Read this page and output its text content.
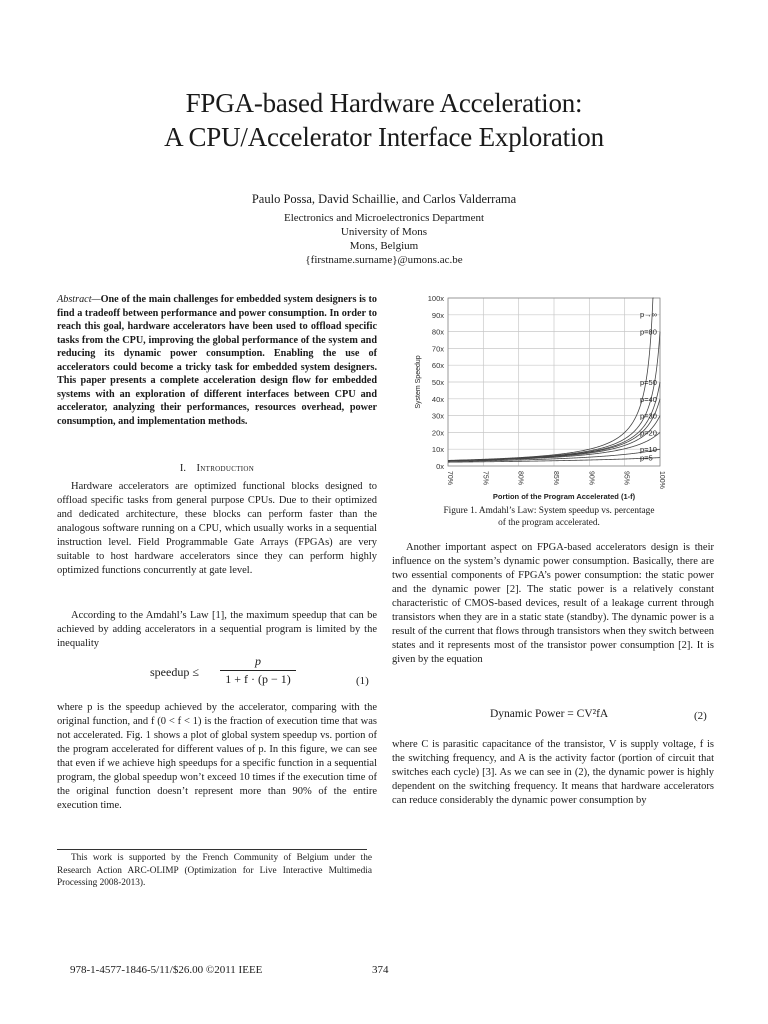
FPGA-based Hardware Acceleration:
A CPU/Accelerator Interface Exploration
Paulo Possa, David Schaillie, and Carlos Valderrama
Electronics and Microelectronics Department
University of Mons
Mons, Belgium
{firstname.surname}@umons.ac.be

Abstract—One of the main challenges for embedded system designers is to find a tradeoff between performance and power consumption. In order to reach this goal, hardware accelerators have been used to offload specific tasks from the CPU, improving the global performance of the system and reducing its dynamic power consumption. Enabling the use of accelerators could become a tricky task for embedded system designers. This paper presents a complete acceleration design flow for embedded systems with an exploration of different interfaces between CPU and accelerator, analyzing their performances, resources overhead, power consumption, and implementation methods.

I. Introduction

Hardware accelerators are optimized functional blocks designed to offload specific tasks from general purpose CPUs. Due to their optimized and dedicated architecture, these blocks can perform faster than the analogous software running on a CPU, which usually works in a sequential instruction level. Field Programmable Gate Arrays (FPGAs) are very suitable to host hardware accelerators since they can perform highly optimized functions concurrently at gate level.

According to the Amdahl’s Law [1], the maximum speedup that can be achieved by adding accelerators in a sequential program is limited by the inequality

speedup ≤
p
1 + f · (p − 1)	(1)

where p is the speedup achieved by the accelerator, comparing with the original function, and f (0 < f < 1) is the fraction of execution time that was not accelerated. Fig. 1 shows a plot of global system speedup vs. portion of the program accelerated for different values of p. In this figure, we can see that even if we achieve high speedups for a specific function in a sequential program, the global speedup won’t exceed 10 times if the execution time of the original function doesn’t represent more than 90% of the entire execution time.

This work is supported by the French Community of Belgium under the Research Action ARC-OLIMP (Optimization for Live Interactive Multimedia Processing 2008-2013).
978-1-4577-1846-5/11/$26.00 ©2011 IEEE	374
0x
10x
20x
30x
40x
50x
60x
70x
80x
90x
100x
70%	75%	80%	85%	90%	95%	100%
System Speedup
Portion of the Program Accelerated (1-f)
p→∞
p=80
p=50
p=40
p=30
p=20
p=10
p=5
Figure 1. Amdahl’s Law: System speedup vs. percentage
of the program accelerated.

Another important aspect on FPGA-based accelerators design is their influence on the system’s dynamic power consumption. Basically, there are two essential components of FPGA’s power consumption: the static power and the dynamic power [2]. The static power is a relatively constant characteristic of CMOS-based devices, result of a leakage current through transistors when they are in a static state (standby). The dynamic power is a result of the current that flows through transistors when they switch between states and it represents most of the transistor power consumption [2]. It is given by the equation

Dynamic Power = CV²fA	(2)

where C is parasitic capacitance of the transistor, V is supply voltage, f is the switching frequency, and A is the activity factor (portion of circuit that switches each cycle) [3]. As we can see in (2), the dynamic power is highly dependent on the switching frequency. It means that hardware accelerators can reduce considerably the dynamic power consumption by
